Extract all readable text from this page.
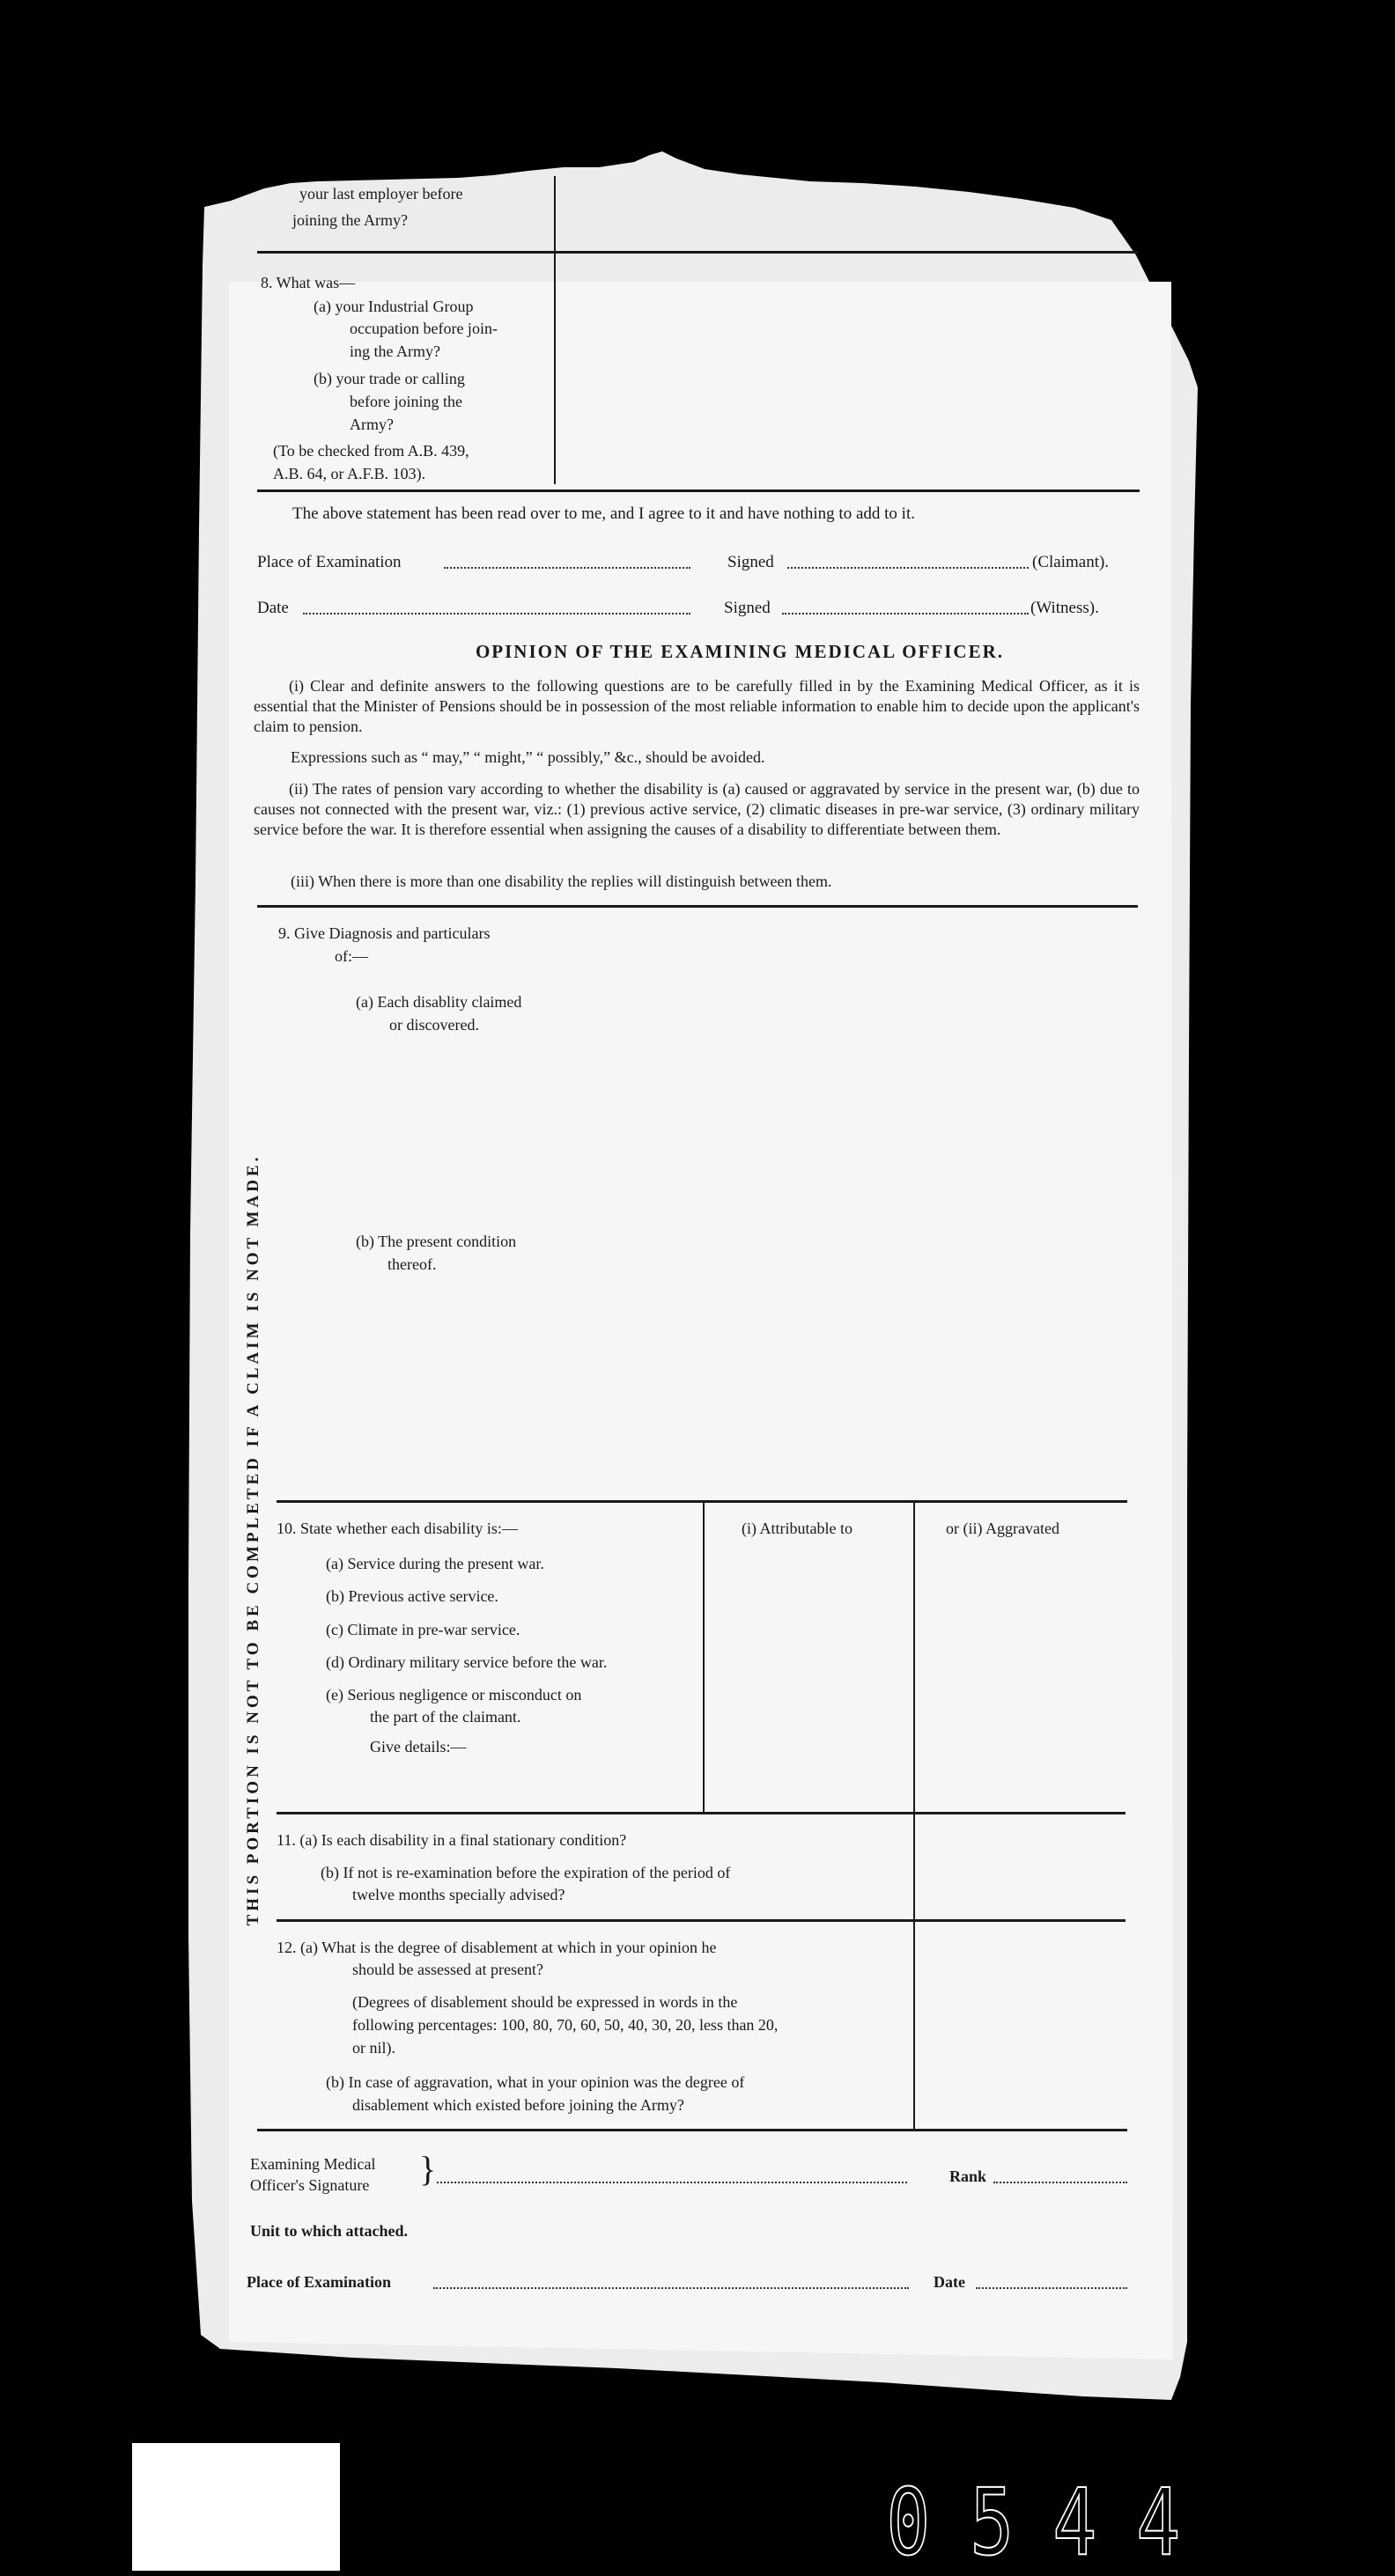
your last employer before
joining the Army?
8. What was—
(a) your Industrial Group
occupation before join-
ing the Army?
(b) your trade or calling
before joining the
Army?
(To be checked from A.B. 439,
A.B. 64, or A.F.B. 103).
The above statement has been read over to me, and I agree to it and have nothing to add to it.
Place of Examination	Signed	(Claimant).
Date	Signed	(Witness).
OPINION OF THE EXAMINING MEDICAL OFFICER.
(i) Clear and definite answers to the following questions are to be carefully filled in by the Examining Medical Officer, as it is essential that the Minister of Pensions should be in possession of the most reliable information to enable him to decide upon the applicant's claim to pension.
Expressions such as “ may,” “ might,” “ possibly,” &c., should be avoided.
(ii) The rates of pension vary according to whether the disability is (a) caused or aggravated by service in the present war, (b) due to causes not connected with the present war, viz.: (1) previous active service, (2) climatic diseases in pre-war service, (3) ordinary military service before the war. It is therefore essential when assigning the causes of a disability to differentiate between them.
(iii) When there is more than one disability the replies will distinguish between them.
9. Give Diagnosis and particulars
of:—
(a) Each disablity claimed
or discovered.
(b) The present condition
thereof.
THIS PORTION IS NOT TO BE COMPLETED IF A CLAIM IS NOT MADE. 10. State whether each disability is:—	(i) Attributable to	or (ii) Aggravated
(a) Service during the present war.
(b) Previous active service.
(c) Climate in pre-war service.
(d) Ordinary military service before the war.
(e) Serious negligence or misconduct on
the part of the claimant.
Give details:—
11. (a) Is each disability in a final stationary condition?
(b) If not is re-examination before the expiration of the period of
twelve months specially advised?
12. (a) What is the degree of disablement at which in your opinion he
should be assessed at present?
(Degrees of disablement should be expressed in words in the
following percentages: 100, 80, 70, 60, 50, 40, 30, 20, less than 20,
or nil).
(b) In case of aggravation, what in your opinion was the degree of
disablement which existed before joining the Army?
Examining Medical
Officer's Signature }	Rank
Unit to which attached.
Place of Examination	Date
0 5 4 4
